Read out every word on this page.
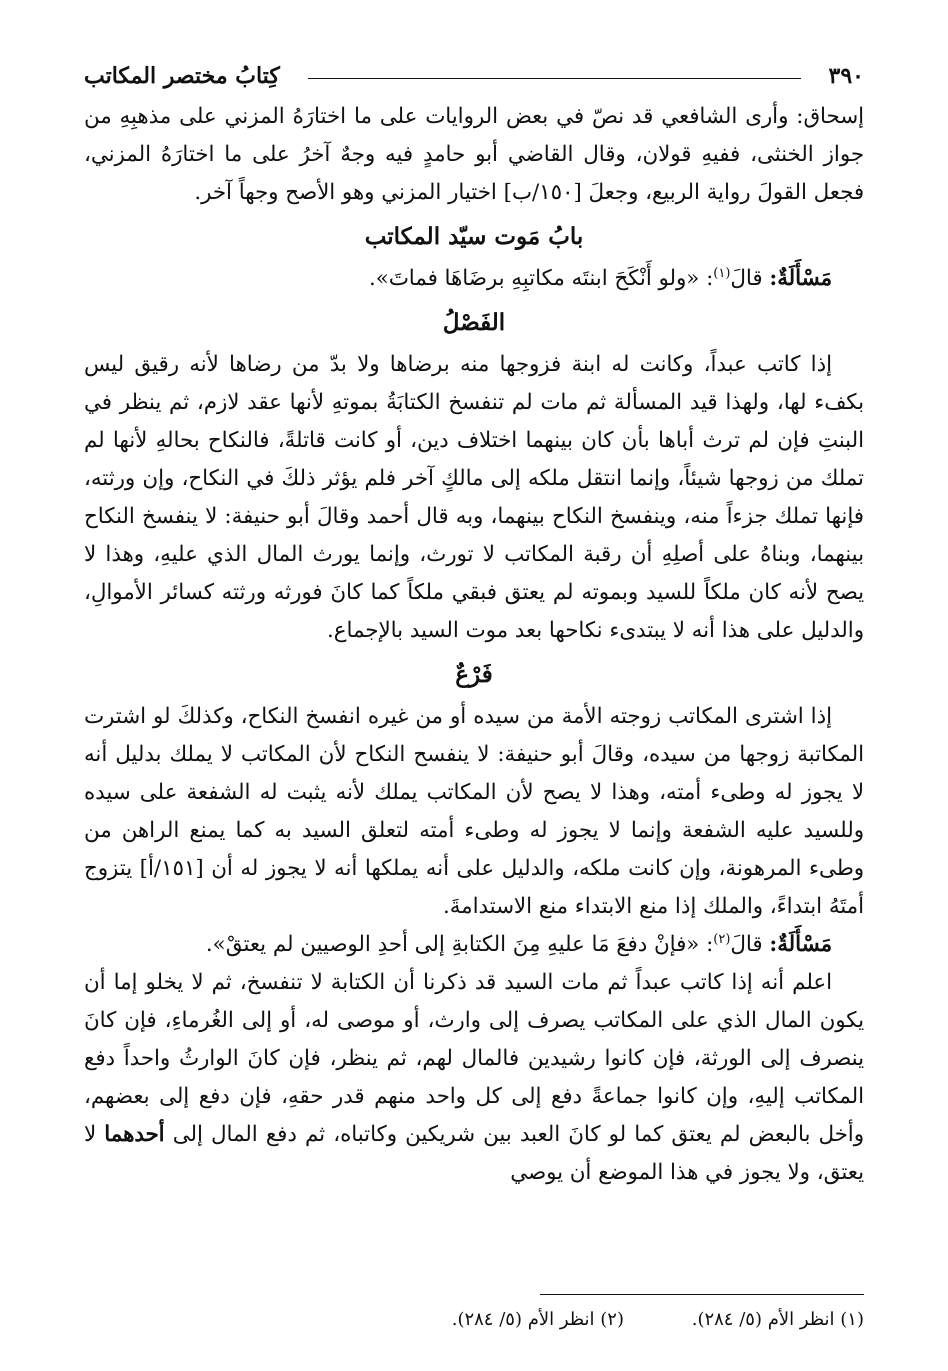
٣٩٠
كِتابُ مختصر المكاتب

إسحاق: وأرى الشافعي قد نصّ في بعض الروايات على ما اختارَهُ المزني على مذهبِهِ من جواز الخنثى، ففيهِ قولان، وقال القاضي أبو حامدٍ فيه وجهٌ آخرُ على ما اختارَهُ المزني، فجعل القولَ رواية الربيع، وجعلَ [١٥٠/ب] اختيار المزني وهو الأصح وجهاً آخر.

بابُ مَوت سيّد المكاتب

مَسْأَلَةٌ: قالَ$^{(١)}$: «ولو أَنْكَحَ ابنتَه مكاتبِهِ برضَاهَا فماتَ».

الفَصْلُ

إذا كاتب عبداً، وكانت له ابنة فزوجها منه برضاها ولا بدّ من رضاها لأنه رقيق ليس بكفء لها، ولهذا قيد المسألة ثم مات لم تنفسخ الكتابَةُ بموتهِ لأنها عقد لازم، ثم ينظر في البنتِ فإن لم ترث أباها بأن كان بينهما اختلاف دين، أو كانت قاتلةً، فالنكاح بحالهِ لأنها لم تملك من زوجها شيئاً، وإنما انتقل ملكه إلى مالكٍ آخر فلم يؤثر ذلكَ في النكاح، وإن ورثته، فإنها تملك جزءاً منه، وينفسخ النكاح بينهما، وبه قال أحمد وقالَ أبو حنيفة: لا ينفسخ النكاح بينهما، وبناهُ على أصلِهِ أن رقبة المكاتب لا تورث، وإنما يورث المال الذي عليهِ، وهذا لا يصح لأنه كان ملكاً للسيد وبموته لم يعتق فبقي ملكاً كما كانَ فورثه ورثته كسائر الأموالِ، والدليل على هذا أنه لا يبتدىء نكاحها بعد موت السيد بالإجماع.

فَرْعٌ

إذا اشترى المكاتب زوجته الأمة من سيده أو من غيره انفسخ النكاح، وكذلكَ لو اشترت المكاتبة زوجها من سيده، وقالَ أبو حنيفة: لا ينفسح النكاح لأن المكاتب لا يملك بدليل أنه لا يجوز له وطىء أمته، وهذا لا يصح لأن المكاتب يملك لأنه يثبت له الشفعة على سيده وللسيد عليه الشفعة وإنما لا يجوز له وطىء أمته لتعلق السيد به كما يمنع الراهن من وطىء المرهونة، وإن كانت ملكه، والدليل على أنه يملكها أنه لا يجوز له أن [١٥١/أ] يتزوج أمتَهُ ابتداءً، والملك إذا منع الابتداء منع الاستدامةَ.

مَسْأَلَةٌ: قالَ$^{(٢)}$: «فإنْ دفعَ مَا عليهِ مِنَ الكتابةِ إلى أحدِ الوصيين لم يعتقْ».

اعلم أنه إذا كاتب عبداً ثم مات السيد قد ذكرنا أن الكتابة لا تنفسخ، ثم لا يخلو إما أن يكون المال الذي على المكاتب يصرف إلى وارث، أو موصى له، أو إلى الغُرماءِ، فإن كانَ ينصرف إلى الورثة، فإن كانوا رشيدين فالمال لهم، ثم ينظر، فإن كانَ الوارثُ واحداً دفع المكاتب إليهِ، وإن كانوا جماعةً دفع إلى كل واحد منهم قدر حقهِ، فإن دفع إلى بعضهم، وأخل بالبعض لم يعتق كما لو كانَ العبد بين شريكين وكاتباه، ثم دفع المال إلى أحدهما لا يعتق، ولا يجوز في هذا الموضع أن يوصي

(١) انظر الأم (٥/ ٢٨٤).
(٢) انظر الأم (٥/ ٢٨٤).
